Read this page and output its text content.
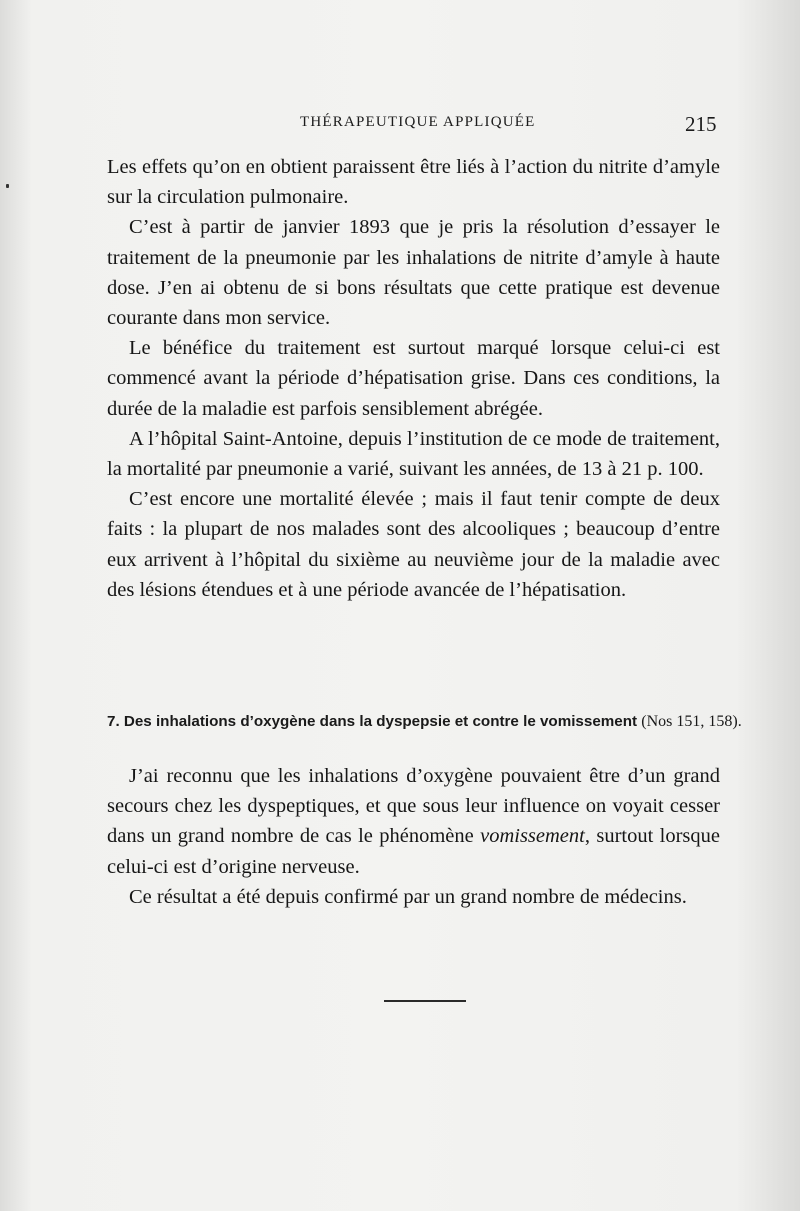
THÉRAPEUTIQUE APPLIQUÉE	215

Les effets qu’on en obtient paraissent être liés à l’action du nitrite d’amyle sur la circulation pulmonaire.

C’est à partir de janvier 1893 que je pris la résolution d’essayer le traitement de la pneumonie par les inhalations de nitrite d’amyle à haute dose. J’en ai obtenu de si bons résultats que cette pratique est devenue courante dans mon service.

Le bénéfice du traitement est surtout marqué lorsque celui-ci est commencé avant la période d’hépatisation grise. Dans ces conditions, la durée de la maladie est parfois sensiblement abrégée.

A l’hôpital Saint-Antoine, depuis l’institution de ce mode de traitement, la mortalité par pneumonie a varié, suivant les années, de 13 à 21 p. 100.

C’est encore une mortalité élevée ; mais il faut tenir compte de deux faits : la plupart de nos malades sont des alcooliques ; beaucoup d’entre eux arrivent à l’hôpital du sixième au neuvième jour de la maladie avec des lésions étendues et à une période avancée de l’hépatisation.

7. Des inhalations d’oxygène dans la dyspepsie et contre le vomissement (Nos 151, 158).

J’ai reconnu que les inhalations d’oxygène pouvaient être d’un grand secours chez les dyspeptiques, et que sous leur influence on voyait cesser dans un grand nombre de cas le phénomène vomissement, surtout lorsque celui-ci est d’origine nerveuse.

Ce résultat a été depuis confirmé par un grand nombre de médecins.
